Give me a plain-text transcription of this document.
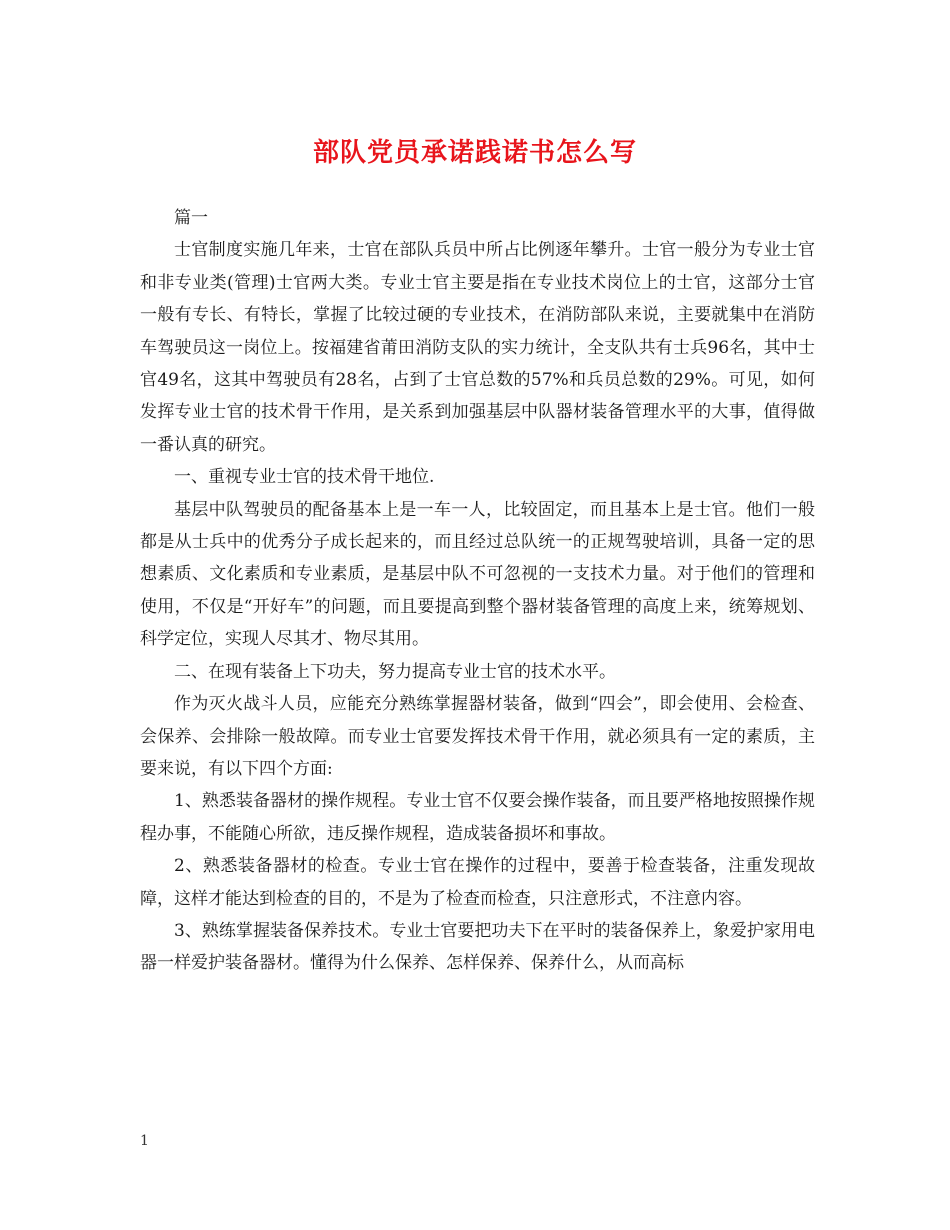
部队党员承诺践诺书怎么写

篇一

士官制度实施几年来，士官在部队兵员中所占比例逐年攀升。士官一般分为专业士官和非专业类(管理)士官两大类。专业士官主要是指在专业技术岗位上的士官，这部分士官一般有专长、有特长，掌握了比较过硬的专业技术，在消防部队来说，主要就集中在消防车驾驶员这一岗位上。按福建省莆田消防支队的实力统计，全支队共有士兵96名，其中士官49名，这其中驾驶员有28名，占到了士官总数的57%和兵员总数的29%。可见，如何发挥专业士官的技术骨干作用，是关系到加强基层中队器材装备管理水平的大事，值得做一番认真的研究。

一、重视专业士官的技术骨干地位.

基层中队驾驶员的配备基本上是一车一人，比较固定，而且基本上是士官。他们一般都是从士兵中的优秀分子成长起来的，而且经过总队统一的正规驾驶培训，具备一定的思想素质、文化素质和专业素质，是基层中队不可忽视的一支技术力量。对于他们的管理和使用，不仅是“开好车”的问题，而且要提高到整个器材装备管理的高度上来，统筹规划、科学定位，实现人尽其才、物尽其用。

二、在现有装备上下功夫，努力提高专业士官的技术水平。

作为灭火战斗人员，应能充分熟练掌握器材装备，做到“四会”，即会使用、会检查、会保养、会排除一般故障。而专业士官要发挥技术骨干作用，就必须具有一定的素质，主要来说，有以下四个方面:

1、熟悉装备器材的操作规程。专业士官不仅要会操作装备，而且要严格地按照操作规程办事，不能随心所欲，违反操作规程，造成装备损坏和事故。

2、熟悉装备器材的检查。专业士官在操作的过程中，要善于检查装备，注重发现故障，这样才能达到检查的目的，不是为了检查而检查，只注意形式，不注意内容。

3、熟练掌握装备保养技术。专业士官要把功夫下在平时的装备保养上，象爱护家用电器一样爱护装备器材。懂得为什么保养、怎样保养、保养什么，从而高标

1
